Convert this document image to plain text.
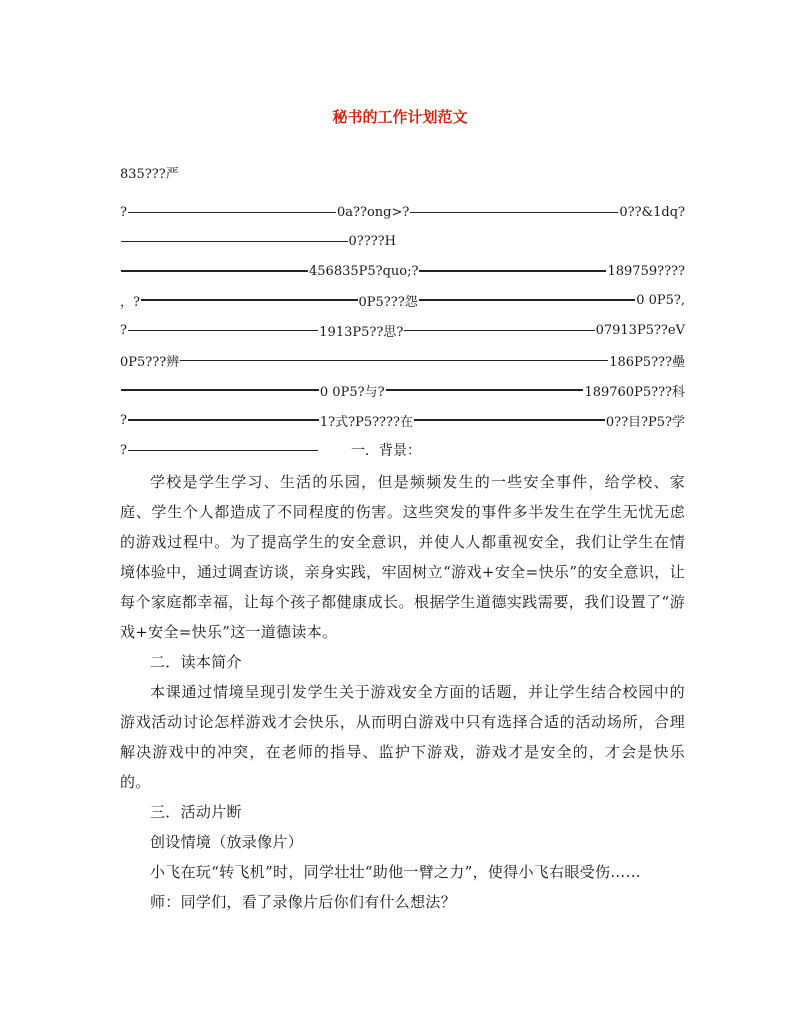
秘书的工作计划范文
835???严
?	0a??ong>?	0??&1dq?
0????H
456835P5?quo;?	189759????
，?	0P5???怨	0 0P5?,
?	1913P5??思?	07913P5??eV
0P5???辨	186P5???壘
0 0P5?与?	189760P5???科
?	1?式?P5????在	0??目?P5?学
?	一．背景：

学校是学生学习、生活的乐园，但是频频发生的一些安全事件，给学校、家庭、学生个人都造成了不同程度的伤害。这些突发的事件多半发生在学生无忧无虑的游戏过程中。为了提高学生的安全意识，并使人人都重视安全，我们让学生在情境体验中，通过调查访谈，亲身实践，牢固树立“游戏+安全=快乐”的安全意识，让每个家庭都幸福，让每个孩子都健康成长。根据学生道德实践需要，我们设置了“游戏+安全=快乐”这一道德读本。

二．读本简介

本课通过情境呈现引发学生关于游戏安全方面的话题，并让学生结合校园中的游戏活动讨论怎样游戏才会快乐，从而明白游戏中只有选择合适的活动场所，合理解决游戏中的冲突，在老师的指导、监护下游戏，游戏才是安全的，才会是快乐的。

三．活动片断

创设情境（放录像片）

小飞在玩“转飞机”时，同学壮壮“助他一臂之力”，使得小飞右眼受伤……

师：同学们，看了录像片后你们有什么想法？
